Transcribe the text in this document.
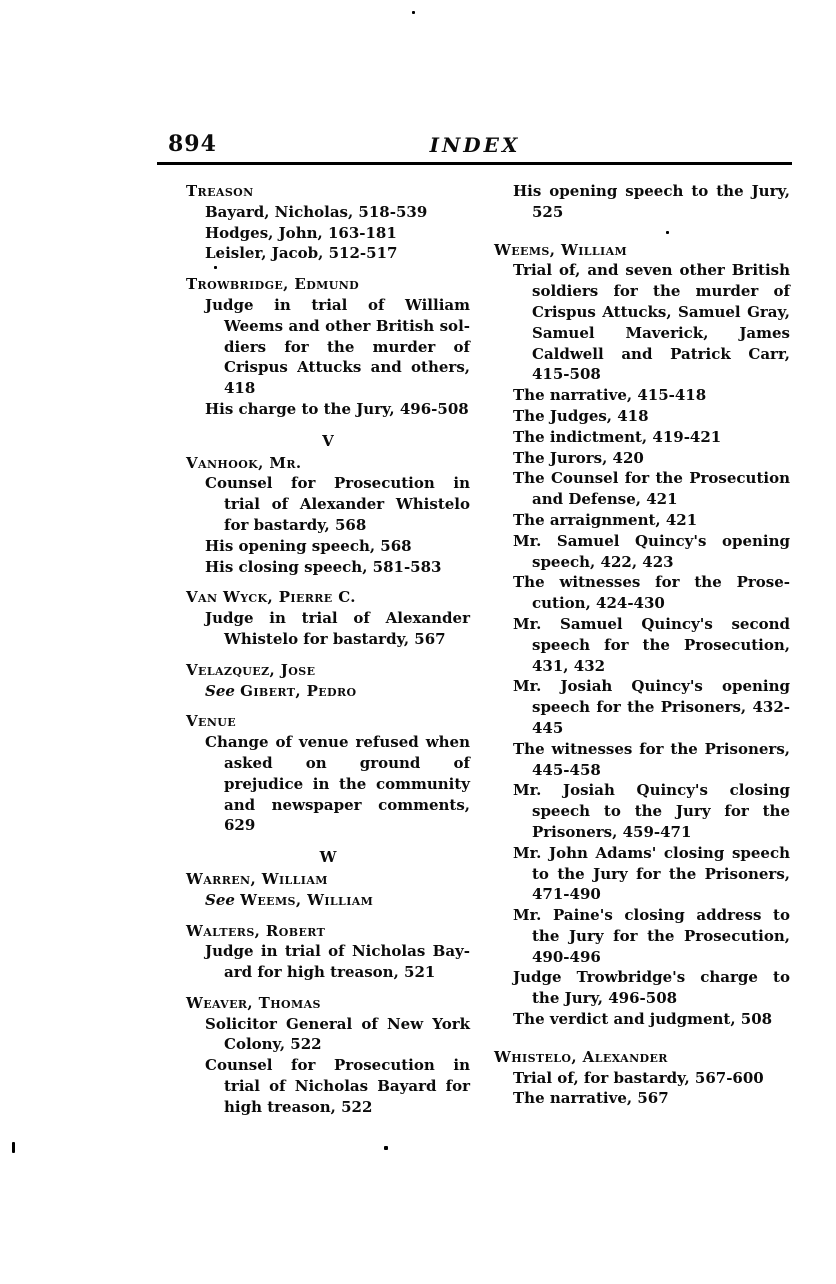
894	INDEX
Treason
Bayard, Nicholas, 518-539
Hodges, John, 163-181
Leisler, Jacob, 512-517
Trowbridge, Edmund
Judge in trial of William Weems and other British soldiers for the murder of Crispus Attucks and others, 418
His charge to the Jury, 496-508
V
Vanhook, Mr.
Counsel for Prosecution in trial of Alexander Whistelo for bastardy, 568
His opening speech, 568
His closing speech, 581-583
Van Wyck, Pierre C.
Judge in trial of Alexander Whistelo for bastardy, 567
Velazquez, Jose
See Gibert, Pedro
Venue
Change of venue refused when asked on ground of prejudice in the community and newspaper comments, 629
W
Warren, William
See Weems, William
Walters, Robert
Judge in trial of Nicholas Bayard for high treason, 521
Weaver, Thomas
Solicitor General of New York Colony, 522
Counsel for Prosecution in trial of Nicholas Bayard for high treason, 522
His opening speech to the Jury, 525
Weems, William
Trial of, and seven other British soldiers for the murder of Crispus Attucks, Samuel Gray, Samuel Maverick, James Caldwell and Patrick Carr, 415-508
The narrative, 415-418
The Judges, 418
The indictment, 419-421
The Jurors, 420
The Counsel for the Prosecution and Defense, 421
The arraignment, 421
Mr. Samuel Quincy's opening speech, 422, 423
The witnesses for the Prosecution, 424-430
Mr. Samuel Quincy's second speech for the Prosecution, 431, 432
Mr. Josiah Quincy's opening speech for the Prisoners, 432-445
The witnesses for the Prisoners, 445-458
Mr. Josiah Quincy's closing speech to the Jury for the Prisoners, 459-471
Mr. John Adams' closing speech to the Jury for the Prisoners, 471-490
Mr. Paine's closing address to the Jury for the Prosecution, 490-496
Judge Trowbridge's charge to the Jury, 496-508
The verdict and judgment, 508
Whistelo, Alexander
Trial of, for bastardy, 567-600
The narrative, 567
